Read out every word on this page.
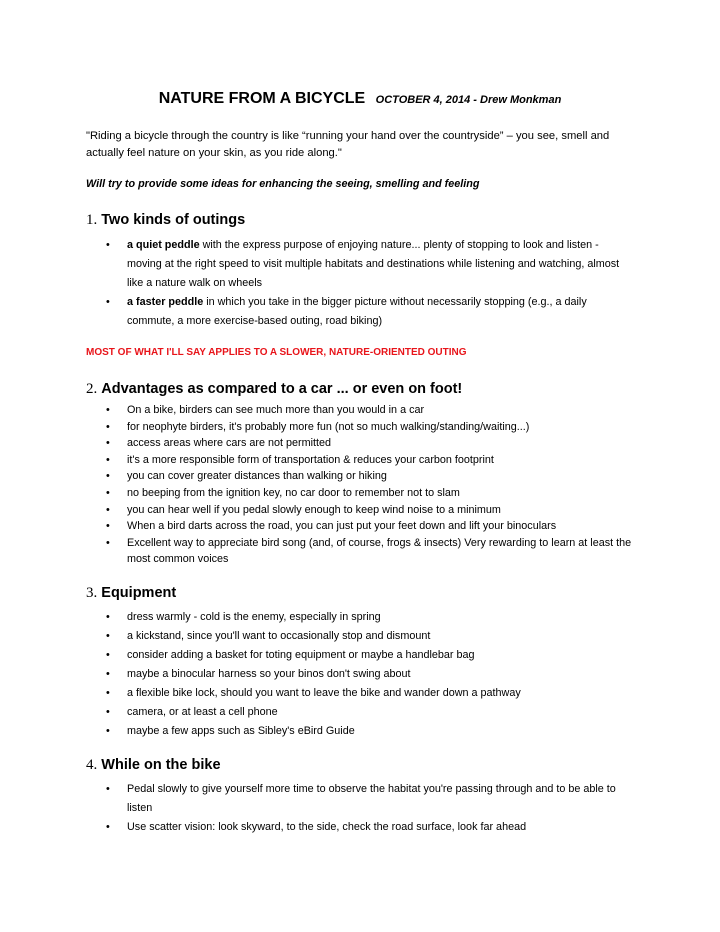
NATURE FROM A BICYCLE OCTOBER 4, 2014 - Drew Monkman
"Riding a bicycle through the country is like “running your hand over the countryside” – you see, smell and actually feel nature on your skin, as you ride along."
Will try to provide some ideas for enhancing the seeing, smelling and feeling
1. Two kinds of outings
• a quiet peddle with the express purpose of enjoying nature... plenty of stopping to look and listen - moving at the right speed to visit multiple habitats and destinations while listening and watching, almost like a nature walk on wheels
• a faster peddle in which you take in the bigger picture without necessarily stopping (e.g., a daily commute, a more exercise-based outing, road biking)
MOST OF WHAT I'LL SAY APPLIES TO A SLOWER, NATURE-ORIENTED OUTING
2. Advantages as compared to a car ... or even on foot!
• On a bike, birders can see much more than you would in a car
• for neophyte birders, it's probably more fun (not so much walking/standing/waiting...)
• access areas where cars are not permitted
• it's a more responsible form of transportation & reduces your carbon footprint
• you can cover greater distances than walking or hiking
• no beeping from the ignition key, no car door to remember not to slam
• you can hear well if you pedal slowly enough to keep wind noise to a minimum
• When a bird darts across the road, you can just put your feet down and lift your binoculars
• Excellent way to appreciate bird song (and, of course, frogs & insects) Very rewarding to learn at least the most common voices
3. Equipment
• dress warmly - cold is the enemy, especially in spring
• a kickstand, since you'll want to occasionally stop and dismount
• consider adding a basket for toting equipment or maybe a handlebar bag
• maybe a binocular harness so your binos don't swing about
• a flexible bike lock, should you want to leave the bike and wander down a pathway
• camera, or at least a cell phone
• maybe a few apps such as Sibley's eBird Guide
4. While on the bike
• Pedal slowly to give yourself more time to observe the habitat you're passing through and to be able to listen
• Use scatter vision: look skyward, to the side, check the road surface, look far ahead
